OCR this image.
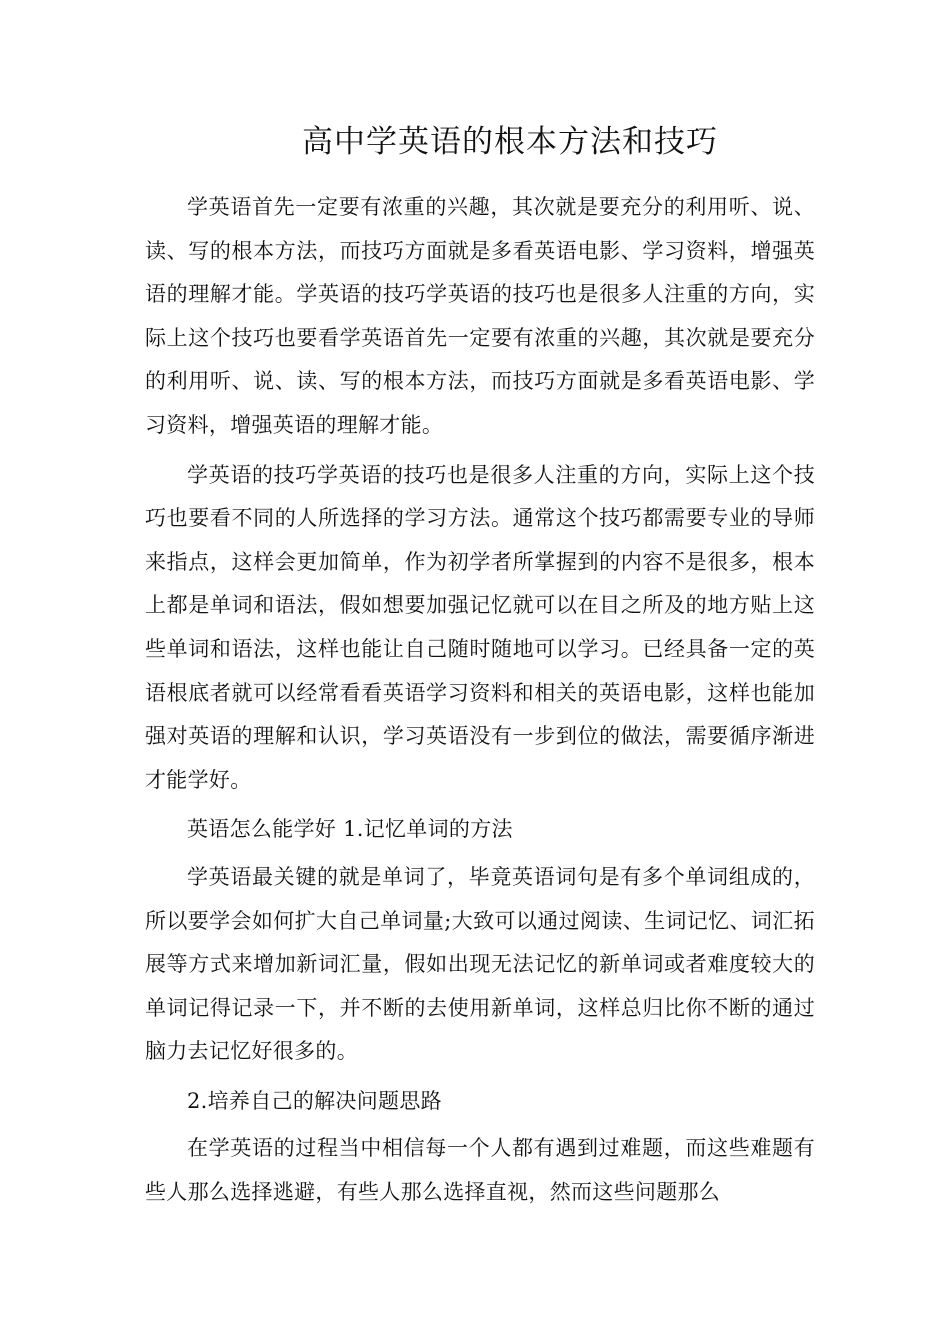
高中学英语的根本方法和技巧

学英语首先一定要有浓重的兴趣，其次就是要充分的利用听、说、读、写的根本方法，而技巧方面就是多看英语电影、学习资料，增强英语的理解才能。学英语的技巧学英语的技巧也是很多人注重的方向，实际上这个技巧也要看学英语首先一定要有浓重的兴趣，其次就是要充分的利用听、说、读、写的根本方法，而技巧方面就是多看英语电影、学习资料，增强英语的理解才能。

学英语的技巧学英语的技巧也是很多人注重的方向，实际上这个技巧也要看不同的人所选择的学习方法。通常这个技巧都需要专业的导师来指点，这样会更加简单，作为初学者所掌握到的内容不是很多，根本上都是单词和语法，假如想要加强记忆就可以在目之所及的地方贴上这些单词和语法，这样也能让自己随时随地可以学习。已经具备一定的英语根底者就可以经常看看英语学习资料和相关的英语电影，这样也能加强对英语的理解和认识，学习英语没有一步到位的做法，需要循序渐进才能学好。

英语怎么能学好 1.记忆单词的方法

学英语最关键的就是单词了，毕竟英语词句是有多个单词组成的，所以要学会如何扩大自己单词量;大致可以通过阅读、生词记忆、词汇拓展等方式来增加新词汇量，假如出现无法记忆的新单词或者难度较大的单词记得记录一下，并不断的去使用新单词，这样总归比你不断的通过脑力去记忆好很多的。

2.培养自己的解决问题思路

在学英语的过程当中相信每一个人都有遇到过难题，而这些难题有些人那么选择逃避，有些人那么选择直视，然而这些问题那么
